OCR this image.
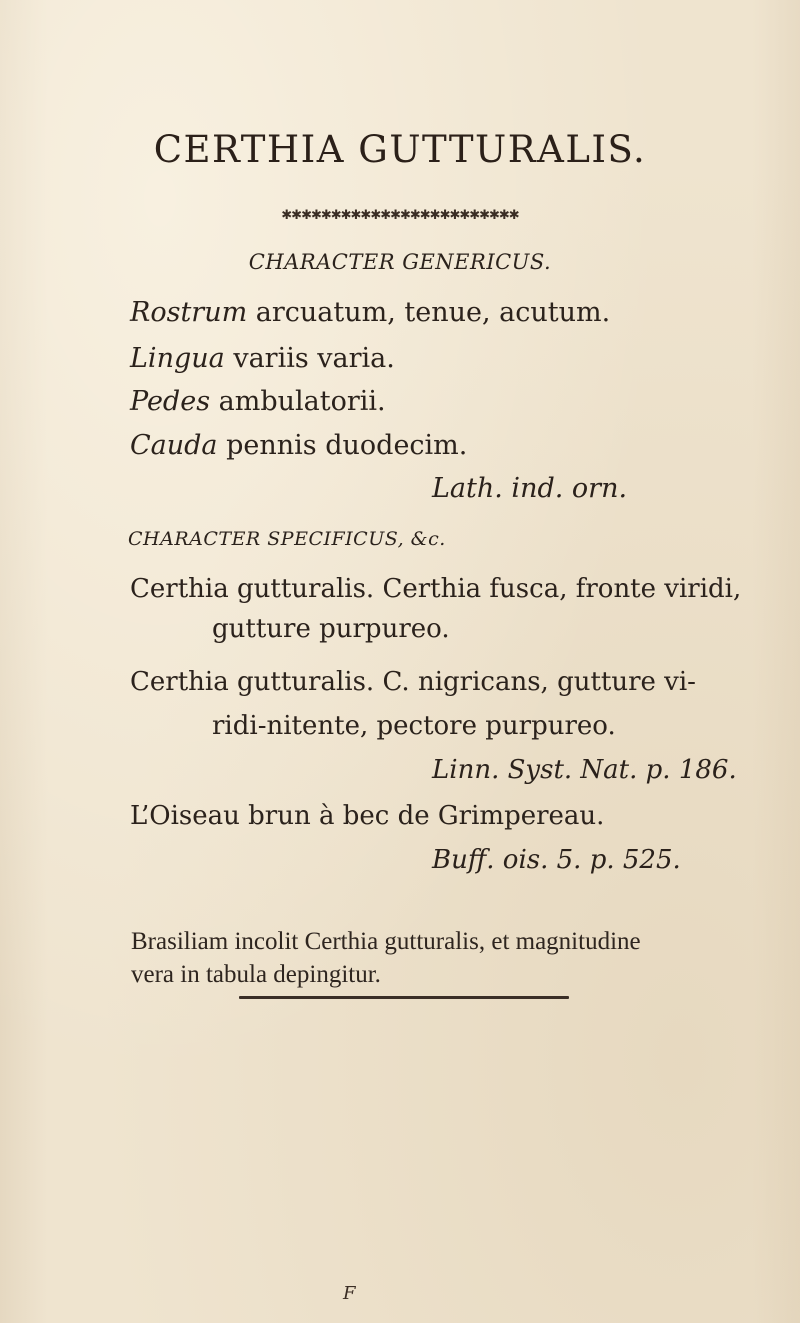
CERTHIA GUTTURALIS.
✱✱✱✱✱✱✱✱✱✱✱✱✱✱✱✱✱✱✱✱✱✱✱✱
CHARACTER GENERICUS.
Rostrum arcuatum, tenue, acutum.
Lingua variis varia.
Pedes ambulatorii.
Cauda pennis duodecim.
Lath. ind. orn.
CHARACTER SPECIFICUS, &c.
Certhia gutturalis. Certhia fusca, fronte viridi,
gutture purpureo.
Certhia gutturalis. C. nigricans, gutture vi-
ridi-nitente, pectore purpureo.
Linn. Syst. Nat. p. 186.
L’Oiseau brun à bec de Grimpereau.
Buff. ois. 5. p. 525.
Brasiliam incolit Certhia gutturalis, et magnitudine
vera in tabula depingitur.
F
